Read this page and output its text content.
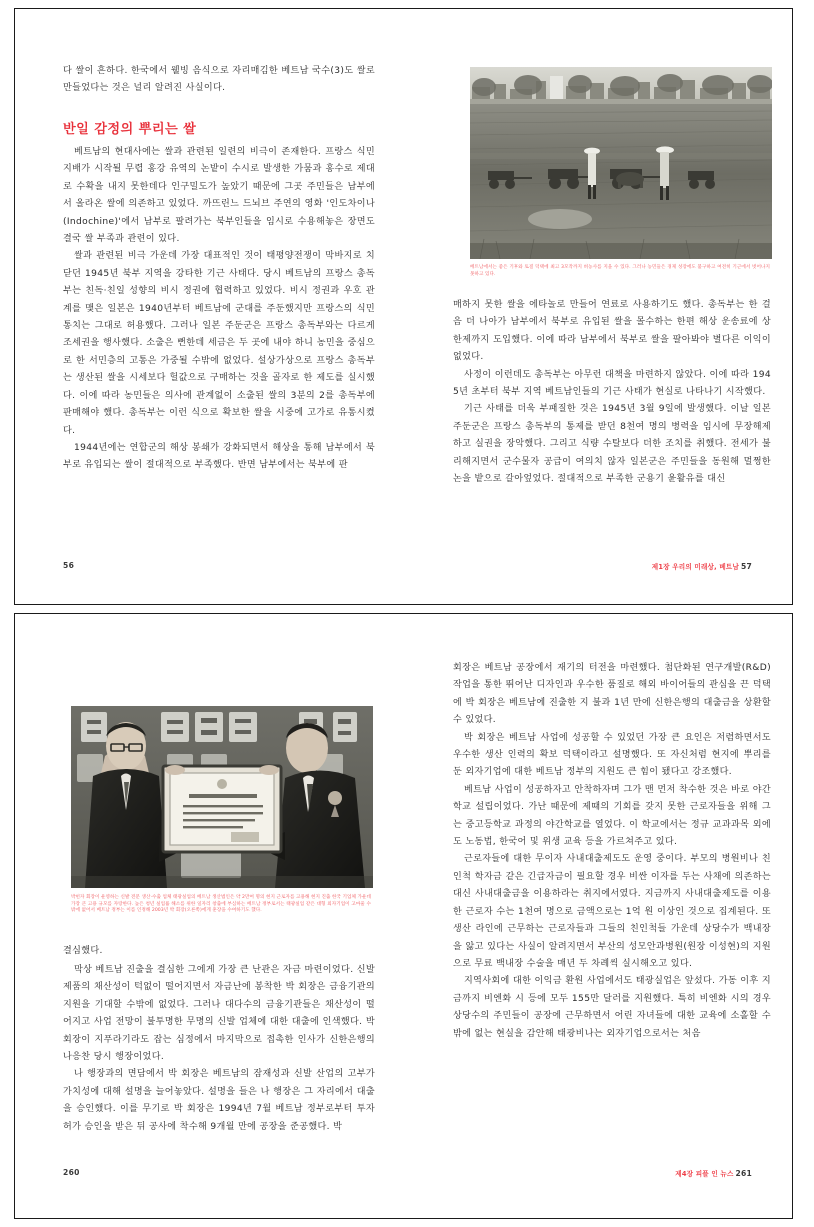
다 쌀이 흔하다. 한국에서 웰빙 음식으로 자리매김한 베트남 국수(3)도 쌀로 만들었다는 것은 널리 알려진 사실이다.

반일 감정의 뿌리는 쌀

베트남의 현대사에는 쌀과 관련된 일련의 비극이 존재한다. 프랑스 식민 지배가 시작될 무렵 홍강 유역의 논밭이 수시로 발생한 가뭄과 홍수로 제대로 수확을 내지 못한데다 인구밀도가 높았기 때문에 그곳 주민들은 남부에서 올라온 쌀에 의존하고 있었다. 까뜨린느 드뇌브 주연의 영화 '인도차이나(Indochine)'에서 남부로 팔려가는 북부인들을 임시로 수용해놓은 장면도 결국 쌀 부족과 관련이 있다.

쌀과 관련된 비극 가운데 가장 대표적인 것이 태평양전쟁이 막바지로 치닫던 1945년 북부 지역을 강타한 기근 사태다. 당시 베트남의 프랑스 총독부는 친독·친일 성향의 비시 정권에 협력하고 있었다. 비시 정권과 우호 관계를 맺은 일본은 1940년부터 베트남에 군대를 주둔했지만 프랑스의 식민 통치는 그대로 허용했다. 그러나 일본 주둔군은 프랑스 총독부와는 다르게 조세권을 행사했다. 소출은 뻔한데 세금은 두 곳에 내야 하니 농민을 중심으로 한 서민층의 고통은 가중될 수밖에 없었다. 설상가상으로 프랑스 총독부는 생산된 쌀을 시세보다 헐값으로 구매하는 것을 골자로 한 제도를 실시했다. 이에 따라 농민들은 의사에 관계없이 소출된 쌀의 3분의 2를 총독부에 판매해야 했다. 총독부는 이런 식으로 확보한 쌀을 시중에 고가로 유통시켰다.

1944년에는 연합군의 해상 봉쇄가 강화되면서 해상을 통해 남부에서 북부로 유입되는 쌀이 절대적으로 부족했다. 반면 남부에서는 북부에 판

56
베트남에서는 좋은 기후와 토질 덕택에 최고 3모작까지 벼농사를 지을 수 있다. 그러나 농민들은 경제 성장에도 불구하고 여전히 기근에서 벗어나지 못하고 있다.

매하지 못한 쌀을 에타놀로 만들어 연료로 사용하기도 했다. 총독부는 한 걸음 더 나아가 남부에서 북부로 유입된 쌀을 몰수하는 한편 해상 운송료에 상한제까지 도입했다. 이에 따라 남부에서 북부로 쌀을 팔아봐야 별다른 이익이 없었다.

사정이 이런데도 총독부는 아무런 대책을 마련하지 않았다. 이에 따라 1945년 초부터 북부 지역 베트남인들의 기근 사태가 현실로 나타나기 시작했다.

기근 사태를 더욱 부패질한 것은 1945년 3월 9일에 발생했다. 이날 일본 주둔군은 프랑스 총독부의 통제를 받던 8천여 명의 병력을 임시에 무장해제하고 실권을 장악했다. 그리고 식량 수탈보다 더한 조치를 취했다. 전세가 불리해지면서 군수물자 공급이 여의치 않자 일본군은 주민들을 동원해 멀쩡한 논을 밭으로 갈아엎었다. 절대적으로 부족한 군용기 윤활유를 대신

제1장 우리의 미래상, 베트남 57
박헌자 회장이 운영하는 신발 전문 생산·수출 업체 태광실업의 베트남 생산법인은 약 2만여 명의 현지 근로자를 고용해 현지 진출 한국 기업체 가운데 가장 큰 고용 규모를 자랑한다. 높은 청년 실업률 해소를 위한 일자리 창출에 부심하는 베트남 정부로서는 태광실업 같은 대형 외자기업이 고마울 수밖에 없어서 베트남 정부는 이를 인정해 2003년 박 회장(오른쪽)에게 훈장을 수여하기도 했다.

결심했다.

막상 베트남 진출을 결심한 그에게 가장 큰 난관은 자금 마련이었다. 신발 제품의 채산성이 턱없이 떨어지면서 자금난에 봉착한 박 회장은 금융기관의 지원을 기대할 수밖에 없었다. 그러나 대다수의 금융기관들은 채산성이 떨어지고 사업 전망이 불투명한 무명의 신발 업체에 대한 대출에 인색했다. 박 회장이 지푸라기라도 잡는 심정에서 마지막으로 접촉한 인사가 신한은행의 나응찬 당시 행장이었다.

나 행장과의 면담에서 박 회장은 베트남의 잠재성과 신발 산업의 고부가가치성에 대해 설명을 늘어놓았다. 설명을 들은 나 행장은 그 자리에서 대출을 승인했다. 이를 무기로 박 회장은 1994년 7월 베트남 정부로부터 투자 허가 승인을 받은 뒤 공사에 착수해 9개월 만에 공장을 준공했다. 박

260

회장은 베트남 공장에서 재기의 터전을 마련했다. 첨단화된 연구개발(R&D) 작업을 통한 뛰어난 디자인과 우수한 품질로 해외 바이어들의 관심을 끈 덕택에 박 회장은 베트남에 진출한 지 불과 1년 만에 신한은행의 대출금을 상환할 수 있었다.

박 회장은 베트남 사업에 성공할 수 있었던 가장 큰 요인은 저렴하면서도 우수한 생산 인력의 확보 덕택이라고 설명했다. 또 자신처럼 현지에 뿌리를 둔 외자기업에 대한 베트남 정부의 지원도 큰 힘이 됐다고 강조했다.

베트남 사업이 성공하자고 안착하자며 그가 맨 먼저 착수한 것은 바로 야간학교 설립이었다. 가난 때문에 제때의 기회를 갖지 못한 근로자들을 위해 그는 중고등학교 과정의 야간학교를 열었다. 이 학교에서는 정규 교과과목 외에도 노동법, 한국어 및 위생 교육 등을 가르쳐주고 있다.

근로자들에 대한 무이자 사내대출제도도 운영 중이다. 부모의 병원비나 친인척 학자금 같은 긴급자금이 필요할 경우 비싼 이자를 두는 사채에 의존하는 대신 사내대출금을 이용하라는 취지에서였다. 지금까지 사내대출제도를 이용한 근로자 수는 1천여 명으로 금액으로는 1억 원 이상인 것으로 집계된다. 또 생산 라인에 근무하는 근로자들과 그들의 친인척들 가운데 상당수가 백내장을 앓고 있다는 사실이 알려지면서 부산의 성모안과병원(원장 이성현)의 지원으로 무료 백내장 수술을 매년 두 차례씩 실시해오고 있다.

지역사회에 대한 이익금 환원 사업에서도 태광실업은 앞섰다. 가동 이후 지금까지 비엔화 시 등에 모두 155만 달러를 지원했다. 특히 비엔화 시의 경우 상당수의 주민들이 공장에 근무하면서 어린 자녀들에 대한 교육에 소홀할 수밖에 없는 현실을 감안해 태광비나는 외자기업으로서는 처음

제4장 피플 인 뉴스 261
